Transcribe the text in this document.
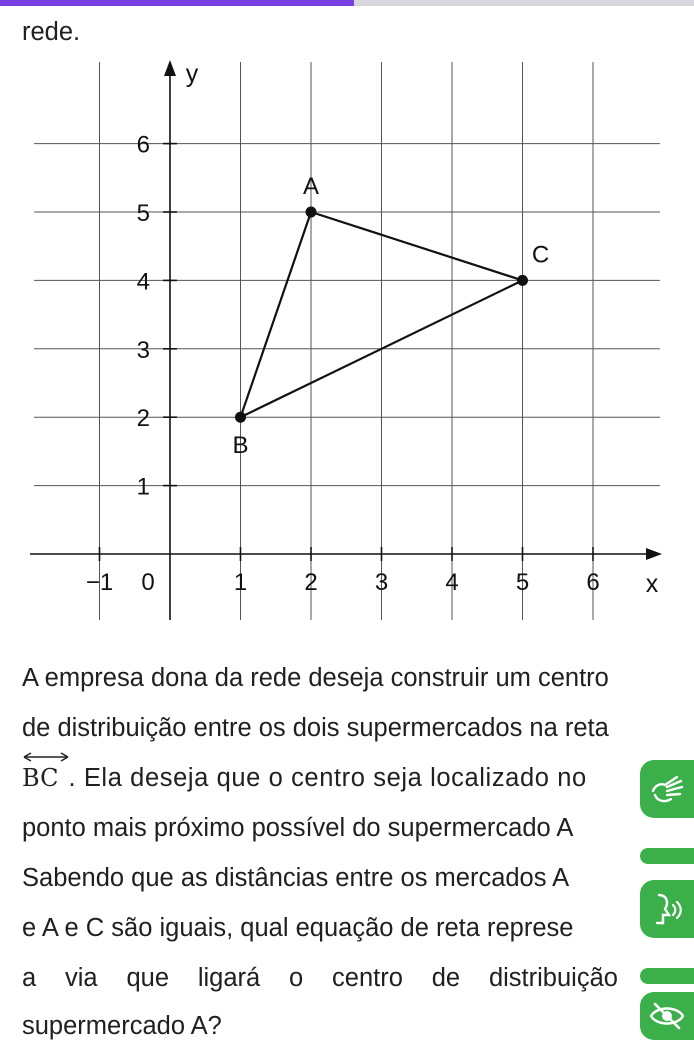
rede.
−1 0	1 2 3 4 5 6
1
2
3
4
5
6
A
B
C
x
y
A empresa dona da rede deseja construir um centro
de distribuição entre os dois supermercados na reta
BC . Ela deseja que o centro seja localizado no
ponto mais próximo possível do supermercado A
Sabendo que as distâncias entre os mercados A
e A e C são iguais, qual equação de reta represe
a via que ligará o centro de distribuição
supermercado A?
